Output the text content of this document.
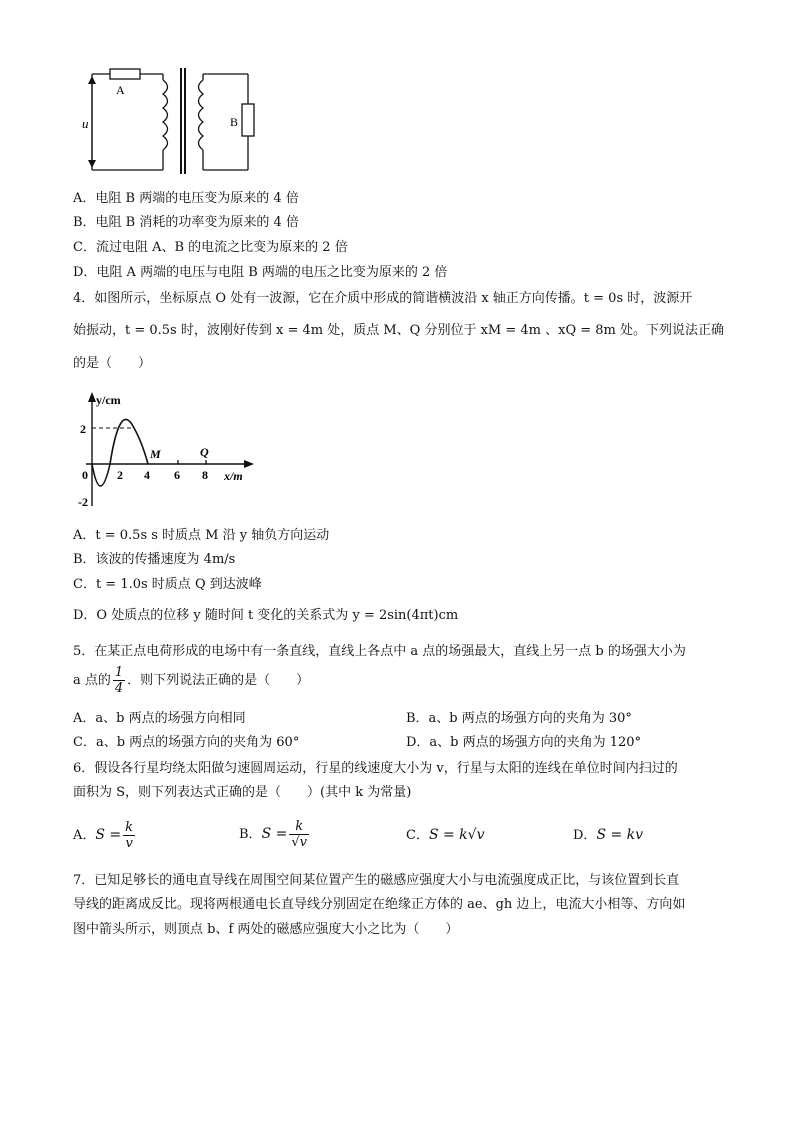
A
B
u
A．电阻 B 两端的电压变为原来的 4 倍
B．电阻 B 消耗的功率变为原来的 4 倍
C．流过电阻 A、B 的电流之比变为原来的 2 倍
D．电阻 A 两端的电压与电阻 B 两端的电压之比变为原来的 2 倍
4．如图所示，坐标原点 O 处有一波源，它在介质中形成的简谐横波沿 x 轴正方向传播。t = 0s 时，波源开
始振动，t = 0.5s 时，波刚好传到 x = 4m 处，质点 M、Q 分别位于 xM = 4m 、xQ = 8m 处。下列说法正确
的是（　　）
y/cm
x/m
2
-2
0 2 4 6 8
M	Q
A．t = 0.5s s 时质点 M 沿 y 轴负方向运动
B．该波的传播速度为 4m/s
C．t = 1.0s 时质点 Q 到达波峰
D．O 处质点的位移 y 随时间 t 变化的关系式为 y = 2sin(4πt)cm
5．在某正点电荷形成的电场中有一条直线，直线上各点中 a 点的场强最大，直线上另一点 b 的场强大小为
a 点的 $\frac{1}{4}$ ．则下列说法正确的是（　　）
A．a、b 两点的场强方向相同	B．a、b 两点的场强方向的夹角为 30°
C．a、b 两点的场强方向的夹角为 60°	D．a、b 两点的场强方向的夹角为 120°
6．假设各行星均绕太阳做匀速圆周运动，行星的线速度大小为 v，行星与太阳的连线在单位时间内扫过的
面积为 S，则下列表达式正确的是（　　）(其中 k 为常量)
A．$S = \frac{k}{v}$	B．$S = \frac{k}{√v}$	C．S = k√v	D．S = kv
7．已知足够长的通电直导线在周围空间某位置产生的磁感应强度大小与电流强度成正比，与该位置到长直
导线的距离成反比。现将两根通电长直导线分别固定在绝缘正方体的 ae、gh 边上，电流大小相等、方向如
图中箭头所示，则顶点 b、f 两处的磁感应强度大小之比为（　　）
